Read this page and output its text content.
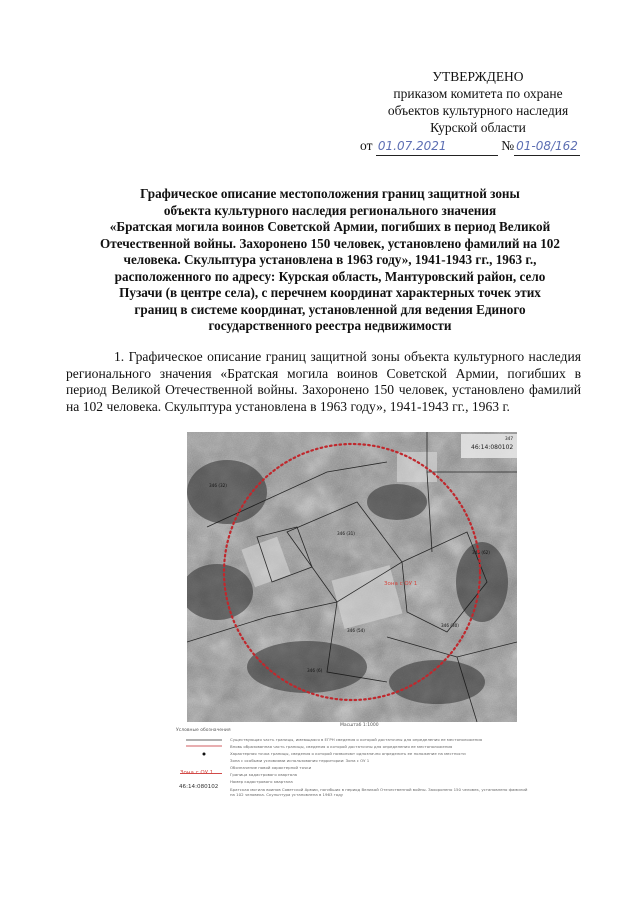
УТВЕРЖДЕНО
приказом комитета по охране
объектов культурного наследия
Курской области
от 01.07.2021	№ 01-08/162
Графическое описание местоположения границ защитной зоны
объекта культурного наследия регионального значения
«Братская могила воинов Советской Армии, погибших в период Великой
Отечественной войны. Захоронено 150 человек, установлено фамилий на 102
человека. Скульптура установлена в 1963 году», 1941-1943 гг., 1963 г.,
расположенного по адресу: Курская область, Мантуровский район, село
Пузачи (в центре села), с перечнем координат характерных точек этих
границ в системе координат, установленной для ведения Единого
государственного реестра недвижимости
1. Графическое описание границ защитной зоны объекта культурного наследия регионального значения «Братская могила воинов Советской Армии, погибших в период Великой Отечественной войны. Захоронено 150 человек, установлено фамилий на 102 человека. Скульптура установлена в 1963 году», 1941-1943 гг., 1963 г.
46:14:080102
346 (32)
346 (31)
346 (62)
346 (30)
346 (54)
346 (6)
347
Зона с ОУ 1
Условные обозначения
Масштаб 1:1000
Зона с ОУ 1
46:14:080102
Существующая часть границы, имеющаяся в ЕГРН сведения о которой достаточны для определения ее местоположения
Вновь образованная часть границы, сведения о которой достаточны для определения ее местоположения
Характерная точка границы, сведения о которой позволяют однозначно определить ее положение на местности
Зона с особыми условиями использования территории: Зона с ОУ 1
Обозначение новой характерной точки
Граница кадастрового квартала
Номер кадастрового квартала
Братская могила воинов Советской Армии, погибших в период Великой Отечественной войны. Захоронено 150 человек, установлено фамилий на 102 человека. Скульптура установлена в 1963 году
